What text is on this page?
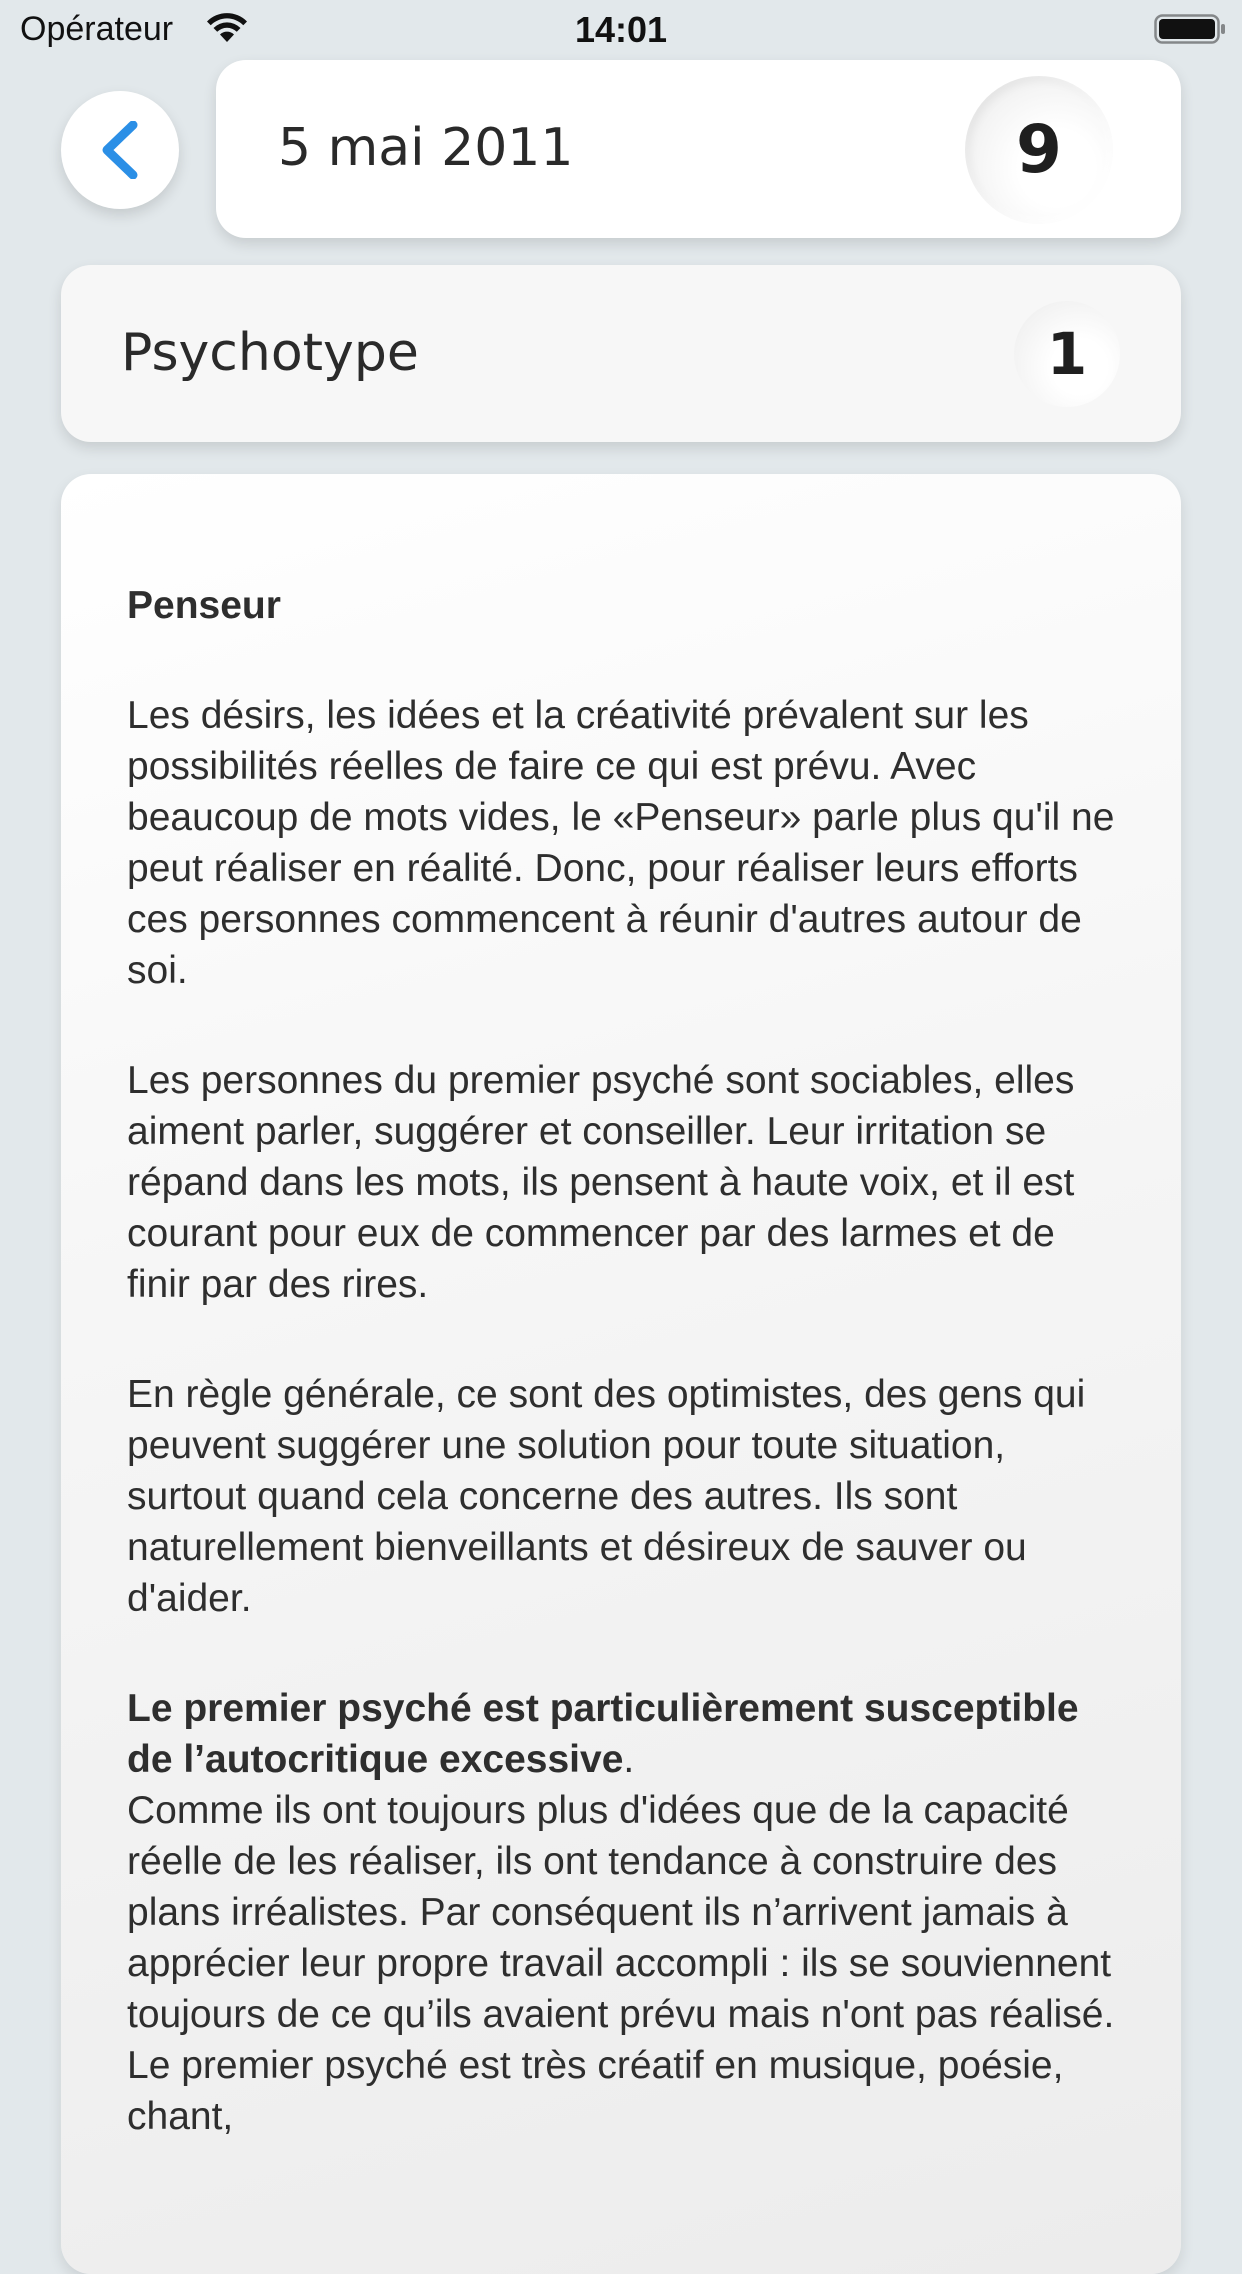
Opérateur	14:01
5 mai 2011	9
Psychotype	1

Penseur

Les désirs, les idées et la créativité prévalent sur les possibilités réelles de faire ce qui est prévu. Avec beaucoup de mots vides, le «Penseur» parle plus qu'il ne peut réaliser en réalité. Donc, pour réaliser leurs efforts ces personnes commencent à réunir d'autres autour de soi.

Les personnes du premier psyché sont sociables, elles aiment parler, suggérer et conseiller. Leur irritation se répand dans les mots, ils pensent à haute voix, et il est courant pour eux de commencer par des larmes et de finir par des rires.

En règle générale, ce sont des optimistes, des gens qui peuvent suggérer une solution pour toute situation, surtout quand cela concerne des autres. Ils sont naturellement bienveillants et désireux de sauver ou d'aider.

Le premier psyché est particulièrement susceptible de l’autocritique excessive.
Comme ils ont toujours plus d'idées que de la capacité réelle de les réaliser, ils ont tendance à construire des plans irréalistes. Par conséquent ils n’arrivent jamais à apprécier leur propre travail accompli : ils se souviennent toujours de ce qu’ils avaient prévu mais n'ont pas réalisé. Le premier psyché est très créatif en musique, poésie, chant,
